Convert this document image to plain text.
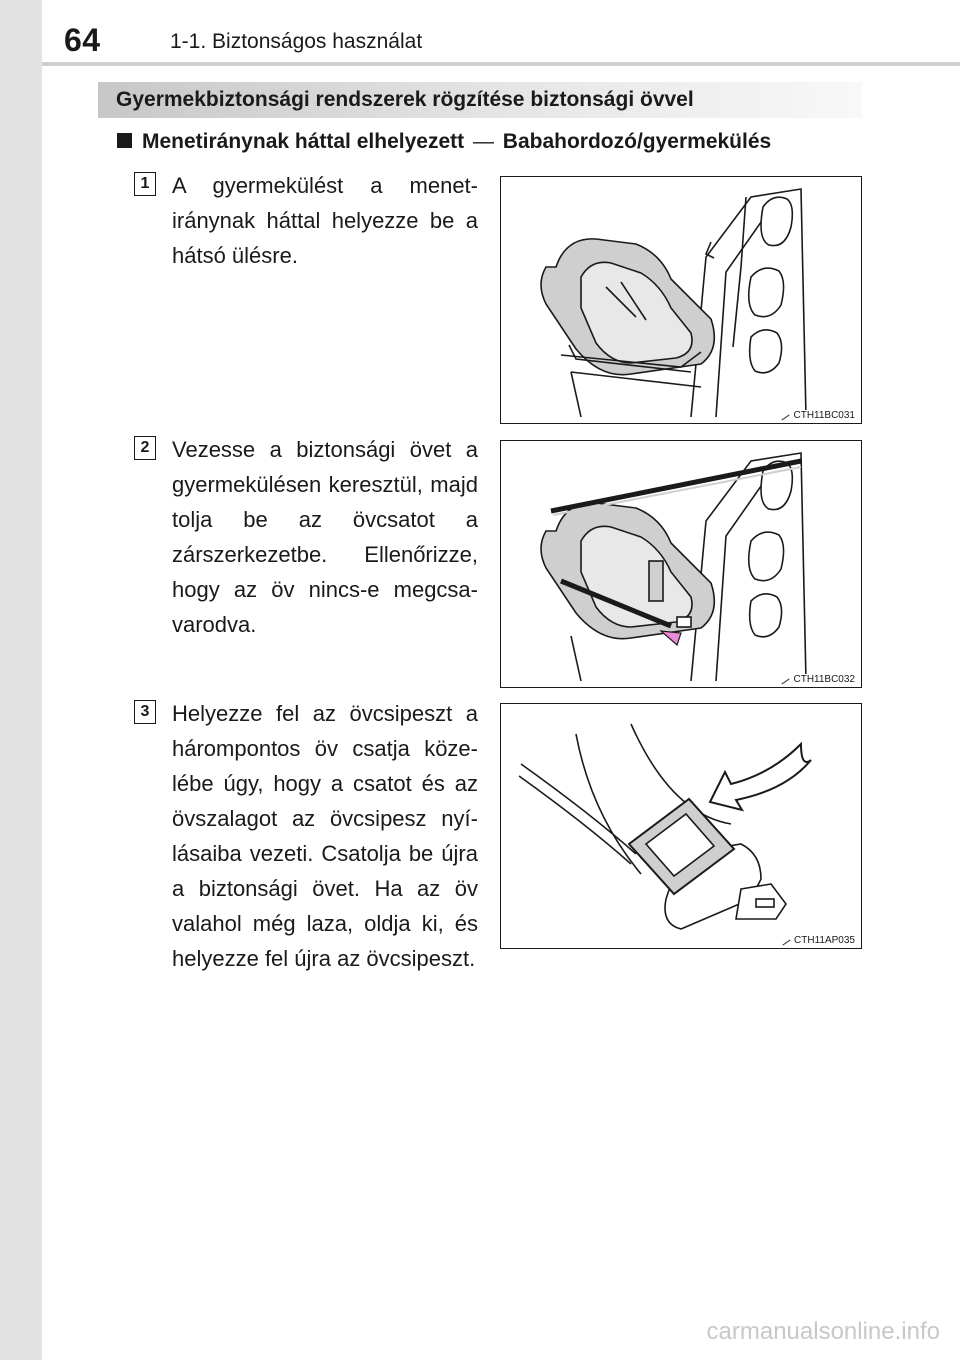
64	1-1. Biztonságos használat
Gyermekbiztonsági rendszerek rögzítése biztonsági övvel
Menetiránynak háttal elhelyezett — Babahordozó/gyermekülés
1 A gyermekülést a menetiránynak háttal helyezze be a hátsó ülésre.
CTH11BC031
2 Vezesse a biztonsági övet a gyermekülésen keresztül, majd tolja be az övcsatot a zárszerkezetbe. Ellenőrizze, hogy az öv nincs-e megcsavarodva.
CTH11BC032
3 Helyezze fel az övcsipeszt a hárompontos öv csatja közelébe úgy, hogy a csatot és az övszalagot az övcsipesz nyílásaiba vezeti. Csatolja be újra a biztonsági övet. Ha az öv valahol még laza, oldja ki, és helyezze fel újra az övcsipeszt.
CTH11AP035
carmanualsonline.info
